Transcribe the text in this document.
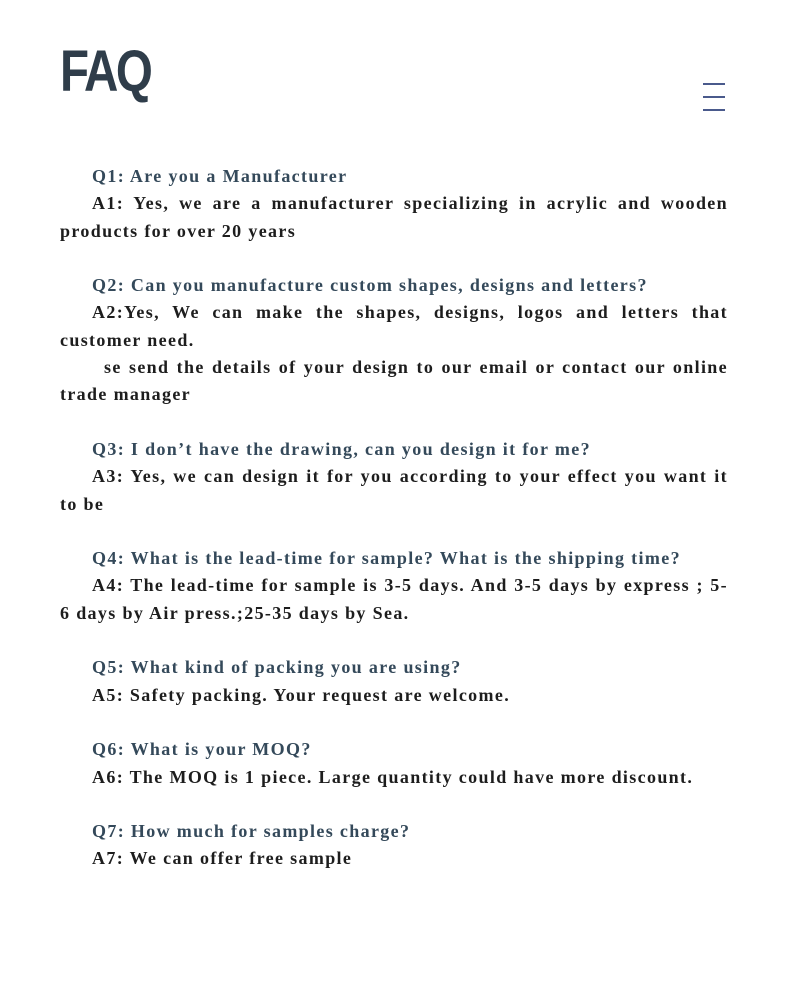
FAQ

Q1: Are you a Manufacturer

A1: Yes, we are a manufacturer specializing in acrylic and wooden products for over 20 years

Q2: Can you manufacture custom shapes, designs and letters?

A2:Yes, We can make the shapes, designs, logos and letters that customer need.

se send the details of your design to our email or contact our online trade manager

Q3: I don’t have the drawing, can you design it for me?

A3: Yes, we can design it for you according to your effect you want it to be

Q4: What is the lead-time for sample? What is the shipping time?

A4: The lead-time for sample is 3-5 days. And 3-5 days by express ; 5-6 days by Air press.;25-35 days by Sea.

Q5: What kind of packing you are using?

A5: Safety packing. Your request are welcome.

Q6: What is your MOQ?

A6: The MOQ is 1 piece. Large quantity could have more discount.

Q7: How much for samples charge?

A7: We can offer free sample
